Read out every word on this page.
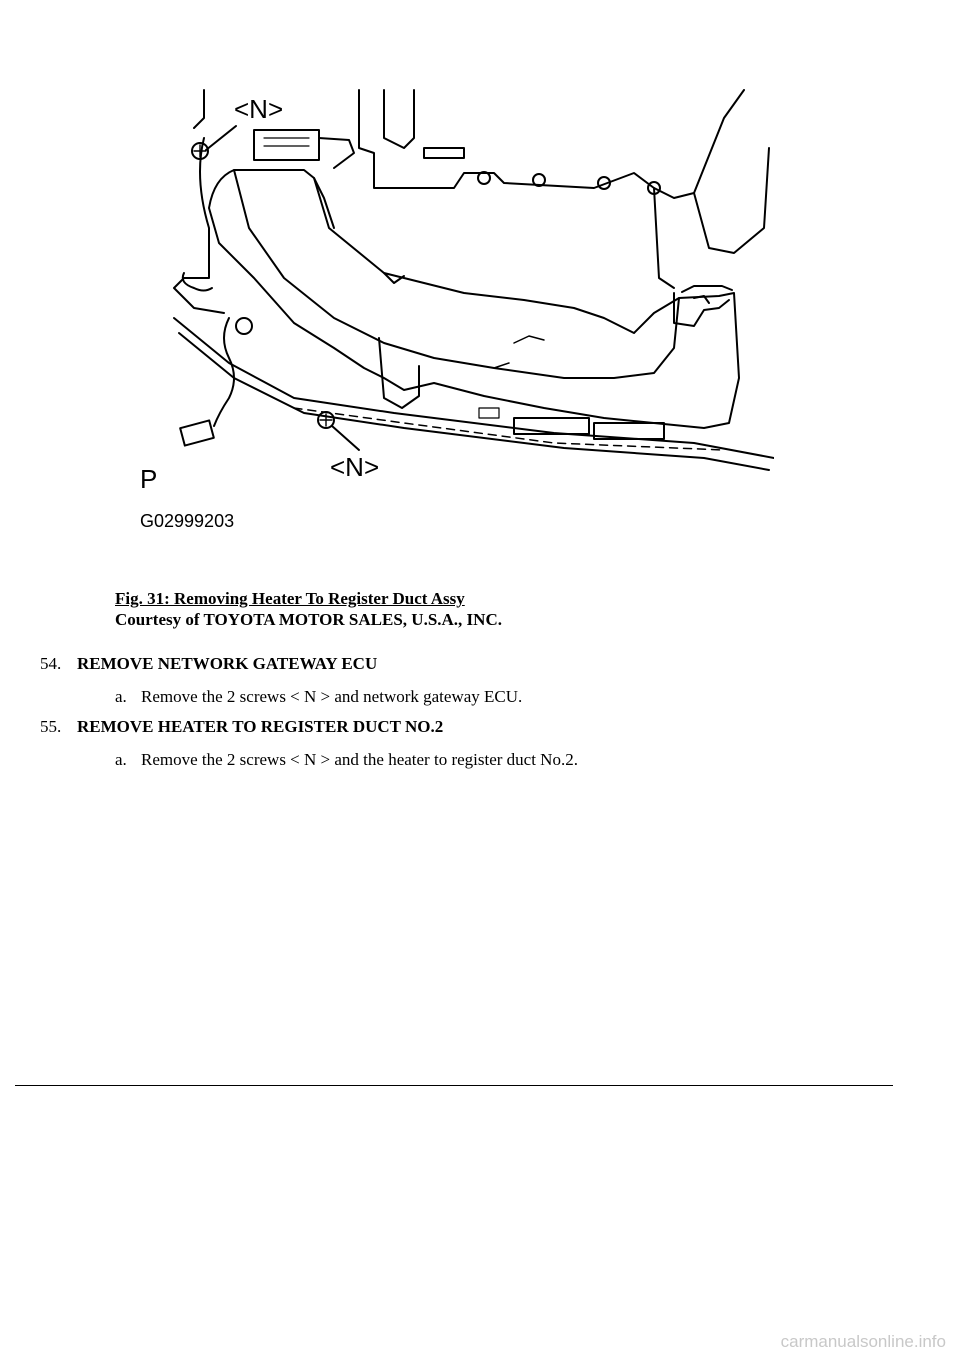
<N>
<N>
P
G02999203
Fig. 31: Removing Heater To Register Duct Assy
Courtesy of TOYOTA MOTOR SALES, U.S.A., INC.
54. REMOVE NETWORK GATEWAY ECU
a. Remove the 2 screws < N > and network gateway ECU.
55. REMOVE HEATER TO REGISTER DUCT NO.2
a. Remove the 2 screws < N > and the heater to register duct No.2.
carmanualsonline.info
